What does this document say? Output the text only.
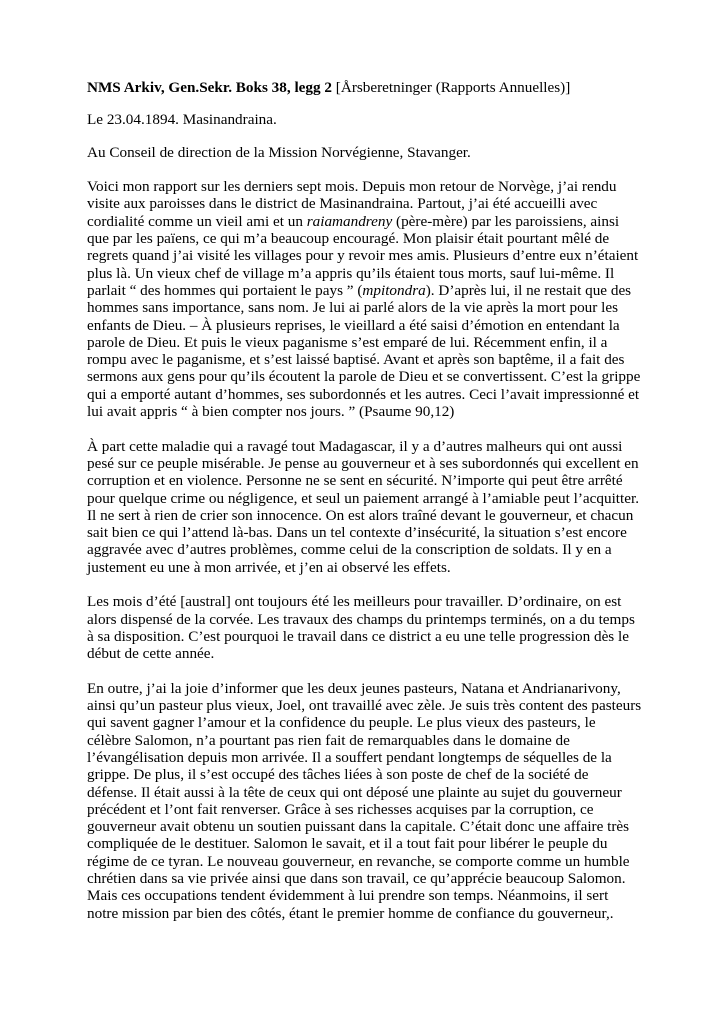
NMS Arkiv, Gen.Sekr. Boks 38, legg 2 [Årsberetninger (Rapports Annuelles)]

Le 23.04.1894. Masinandraina.

Au Conseil de direction de la Mission Norvégienne, Stavanger.

Voici mon rapport sur les derniers sept mois. Depuis mon retour de Norvège, j’ai rendu visite aux paroisses dans le district de Masinandraina. Partout, j’ai été accueilli avec cordialité comme un vieil ami et un raiamandreny (père-mère) par les paroissiens, ainsi que par les païens, ce qui m’a beaucoup encouragé. Mon plaisir était pourtant mêlé de regrets quand j’ai visité les villages pour y revoir mes amis. Plusieurs d’entre eux n’étaient plus là. Un vieux chef de village m’a appris qu’ils étaient tous morts, sauf lui-même. Il parlait “ des hommes qui portaient le pays ” (mpitondra). D’après lui, il ne restait que des hommes sans importance, sans nom. Je lui ai parlé alors de la vie après la mort pour les enfants de Dieu. – À plusieurs reprises, le vieillard a été saisi d’émotion en entendant la parole de Dieu. Et puis le vieux paganisme s’est emparé de lui. Récemment enfin, il a rompu avec le paganisme, et s’est laissé baptisé. Avant et après son baptême, il a fait des sermons aux gens pour qu’ils écoutent la parole de Dieu et se convertissent. C’est la grippe qui a emporté autant d’hommes, ses subordonnés et les autres. Ceci l’avait impressionné et lui avait appris “ à bien compter nos jours. ” (Psaume 90,12)

À part cette maladie qui a ravagé tout Madagascar, il y a d’autres malheurs qui ont aussi pesé sur ce peuple misérable. Je pense au gouverneur et à ses subordonnés qui excellent en corruption et en violence. Personne ne se sent en sécurité. N’importe qui peut être arrêté pour quelque crime ou négligence, et seul un paiement arrangé à l’amiable peut l’acquitter. Il ne sert à rien de crier son innocence. On est alors traîné devant le gouverneur, et chacun sait bien ce qui l’attend là-bas. Dans un tel contexte d’insécurité, la situation s’est encore aggravée avec d’autres problèmes, comme celui de la conscription de soldats. Il y en a justement eu une à mon arrivée, et j’en ai observé les effets.

Les mois d’été [austral] ont toujours été les meilleurs pour travailler. D’ordinaire, on est alors dispensé de la corvée. Les travaux des champs du printemps terminés, on a du temps à sa disposition. C’est pourquoi le travail dans ce district a eu une telle progression dès le début de cette année.

En outre, j’ai la joie d’informer que les deux jeunes pasteurs, Natana et Andrianarivony, ainsi qu’un pasteur plus vieux, Joel, ont travaillé avec zèle. Je suis très content des pasteurs qui savent gagner l’amour et la confidence du peuple. Le plus vieux des pasteurs, le célèbre Salomon, n’a pourtant pas rien fait de remarquables dans le domaine de l’évangélisation depuis mon arrivée. Il a souffert pendant longtemps de séquelles de la grippe. De plus, il s’est occupé des tâches liées à son poste de chef de la société de défense. Il était aussi à la tête de ceux qui ont déposé une plainte au sujet du gouverneur précédent et l’ont fait renverser. Grâce à ses richesses acquises par la corruption, ce gouverneur avait obtenu un soutien puissant dans la capitale. C’était donc une affaire très compliquée de le destituer. Salomon le savait, et il a tout fait pour libérer le peuple du régime de ce tyran. Le nouveau gouverneur, en revanche, se comporte comme un humble chrétien dans sa vie privée ainsi que dans son travail, ce qu’apprécie beaucoup Salomon. Mais ces occupations tendent évidemment à lui prendre son temps. Néanmoins, il sert notre mission par bien des côtés, étant le premier homme de confiance du gouverneur,.
